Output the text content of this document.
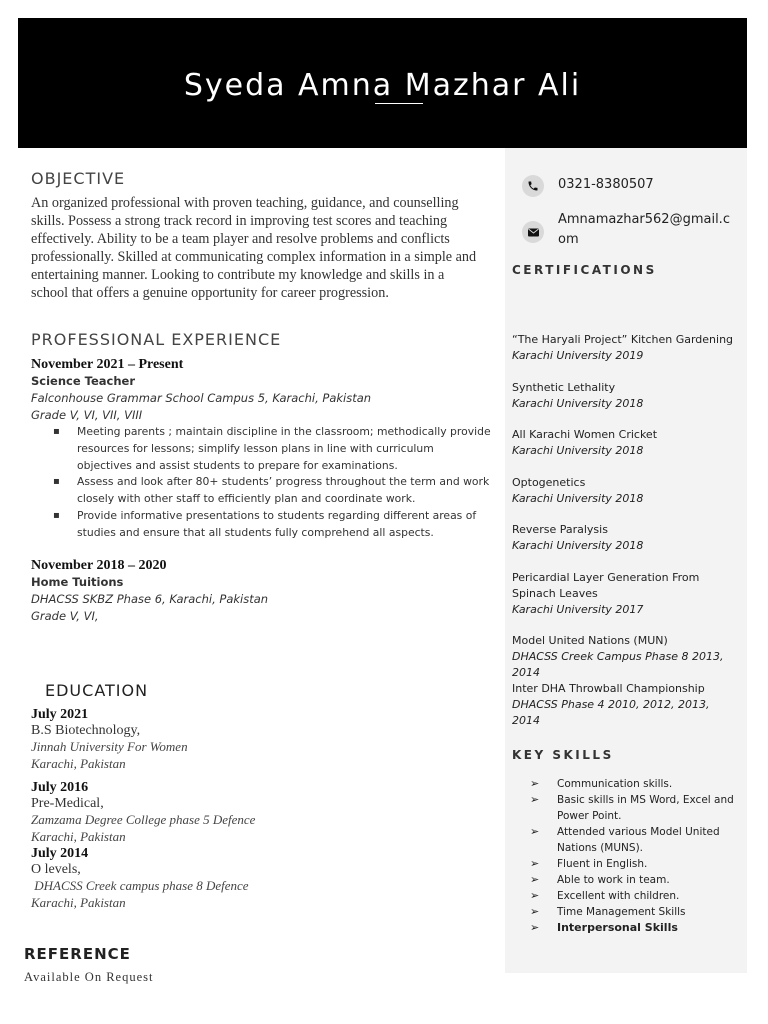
Syeda Amna Mazhar Ali
OBJECTIVE
An organized professional with proven teaching, guidance, and counselling skills. Possess a strong track record in improving test scores and teaching effectively. Ability to be a team player and resolve problems and conflicts professionally. Skilled at communicating complex information in a simple and entertaining manner. Looking to contribute my knowledge and skills in a school that offers a genuine opportunity for career progression.
PROFESSIONAL EXPERIENCE
November 2021 – Present
Science Teacher
Falconhouse Grammar School Campus 5, Karachi, Pakistan
Grade V, VI, VII, VIII
▪ Meeting parents ; maintain discipline in the classroom; methodically provide resources for lessons; simplify lesson plans in line with curriculum objectives and assist students to prepare for examinations.
▪ Assess and look after 80+ students’ progress throughout the term and work closely with other staff to efficiently plan and coordinate work.
▪ Provide informative presentations to students regarding different areas of studies and ensure that all students fully comprehend all aspects.
November 2018 – 2020
Home Tuitions
DHACSS SKBZ Phase 6, Karachi, Pakistan
Grade V, VI,
EDUCATION
July 2021
B.S Biotechnology,
Jinnah University For Women
Karachi, Pakistan
July 2016
Pre-Medical,
Zamzama Degree College phase 5 Defence
Karachi, Pakistan
July 2014
O levels,
DHACSS Creek campus phase 8 Defence
Karachi, Pakistan
REFERENCE
Available On Request
0321-8380507
Amnamazhar562@gmail.com
CERTIFICATIONS
“The Haryali Project” Kitchen Gardening
Karachi University 2019
Synthetic Lethality
Karachi University 2018
All Karachi Women Cricket
Karachi University 2018
Optogenetics
Karachi University 2018
Reverse Paralysis
Karachi University 2018
Pericardial Layer Generation From Spinach Leaves
Karachi University 2017
Model United Nations (MUN)
DHACSS Creek Campus Phase 8 2013, 2014
Inter DHA Throwball Championship
DHACSS Phase 4 2010, 2012, 2013, 2014
KEY SKILLS
➢ Communication skills.
➢ Basic skills in MS Word, Excel and Power Point.
➢ Attended various Model United Nations (MUNS).
➢ Fluent in English.
➢ Able to work in team.
➢ Excellent with children.
➢ Time Management Skills
➢ Interpersonal Skills
